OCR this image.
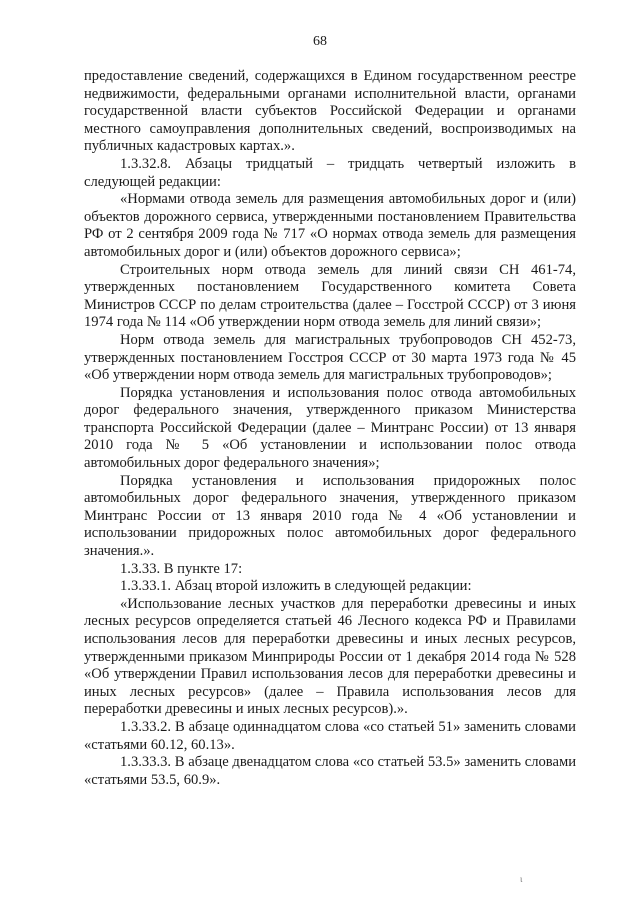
68

предоставление сведений, содержащихся в Едином государственном реестре недвижимости, федеральными органами исполнительной власти, органами государственной власти субъектов Российской Федерации и органами местного самоуправления дополнительных сведений, воспроизводимых на публичных кадастровых картах.».

1.3.32.8. Абзацы тридцатый – тридцать четвертый изложить в следующей редакции:

«Нормами отвода земель для размещения автомобильных дорог и (или) объектов дорожного сервиса, утвержденными постановлением Правительства РФ от 2 сентября 2009 года № 717 «О нормах отвода земель для размещения автомобильных дорог и (или) объектов дорожного сервиса»;

Строительных норм отвода земель для линий связи СН 461-74, утвержденных постановлением Государственного комитета Совета Министров СССР по делам строительства (далее – Госстрой СССР) от 3 июня 1974 года № 114 «Об утверждении норм отвода земель для линий связи»;

Норм отвода земель для магистральных трубопроводов СН 452-73, утвержденных постановлением Госстроя СССР от 30 марта 1973 года № 45 «Об утверждении норм отвода земель для магистральных трубопроводов»;

Порядка установления и использования полос отвода автомобильных дорог федерального значения, утвержденного приказом Министерства транспорта Российской Федерации (далее – Минтранс России) от 13 января 2010 года № 5 «Об установлении и использовании полос отвода автомобильных дорог федерального значения»;

Порядка установления и использования придорожных полос автомобильных дорог федерального значения, утвержденного приказом Минтранс России от 13 января 2010 года № 4 «Об установлении и использовании придорожных полос автомобильных дорог федерального значения.».

1.3.33. В пункте 17:

1.3.33.1. Абзац второй изложить в следующей редакции:

«Использование лесных участков для переработки древесины и иных лесных ресурсов определяется статьей 46 Лесного кодекса РФ и Правилами использования лесов для переработки древесины и иных лесных ресурсов, утвержденными приказом Минприроды России от 1 декабря 2014 года № 528 «Об утверждении Правил использования лесов для переработки древесины и иных лесных ресурсов» (далее – Правила использования лесов для переработки древесины и иных лесных ресурсов).».

1.3.33.2. В абзаце одиннадцатом слова «со статьей 51» заменить словами «статьями 60.12, 60.13».

1.3.33.3. В абзаце двенадцатом слова «со статьей 53.5» заменить словами «статьями 53.5, 60.9».

ι
